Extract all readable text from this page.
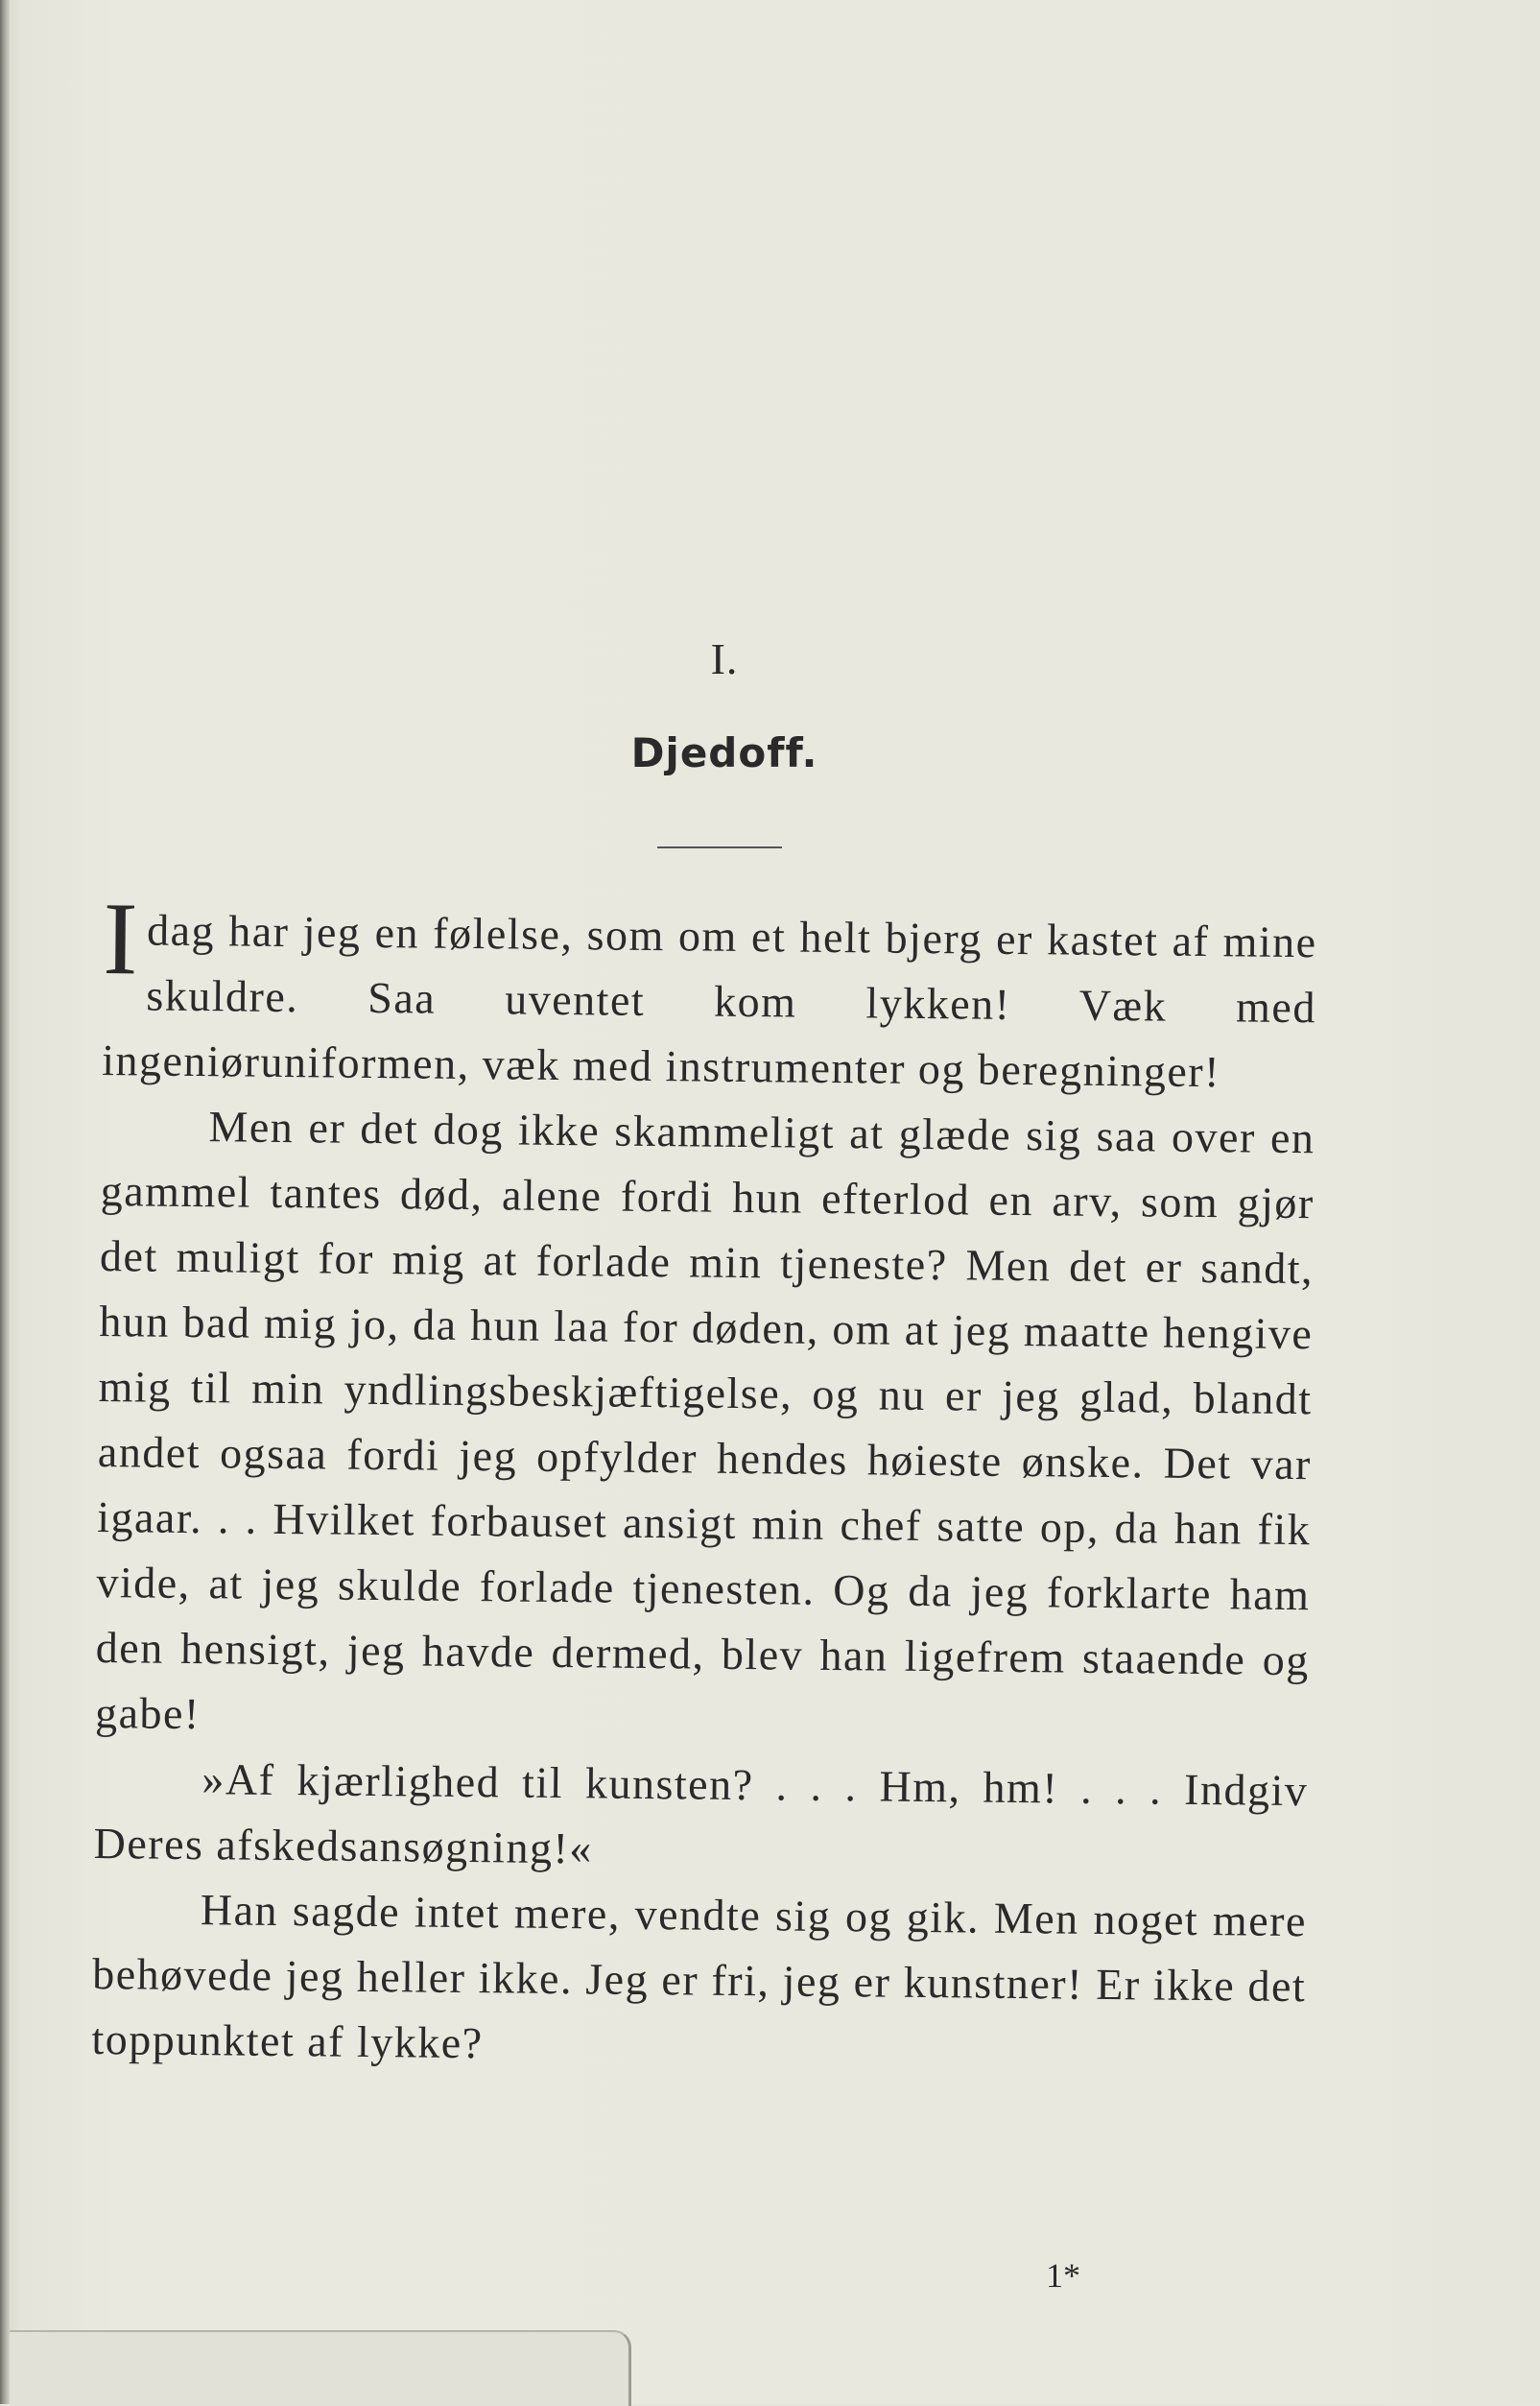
I.
Djedoff.

Idag har jeg en følelse, som om et helt bjerg er kastet af mine skuldre. Saa uventet kom lykken! Væk med ingeniøruniformen, væk med instrumenter og beregninger!

Men er det dog ikke skammeligt at glæde sig saa over en gammel tantes død, alene fordi hun efterlod en arv, som gjør det muligt for mig at forlade min tjeneste? Men det er sandt, hun bad mig jo, da hun laa for døden, om at jeg maatte hengive mig til min yndlingsbeskjæftigelse, og nu er jeg glad, blandt andet ogsaa fordi jeg opfylder hendes høieste ønske. Det var igaar. . . Hvilket forbauset ansigt min chef satte op, da han fik vide, at jeg skulde forlade tjenesten. Og da jeg forklarte ham den hensigt, jeg havde dermed, blev han ligefrem staaende og gabe!

»Af kjærlighed til kunsten? . . . Hm, hm! . . . Indgiv Deres afskedsansøgning!«

Han sagde intet mere, vendte sig og gik. Men noget mere behøvede jeg heller ikke. Jeg er fri, jeg er kunstner! Er ikke det toppunktet af lykke?

1*
